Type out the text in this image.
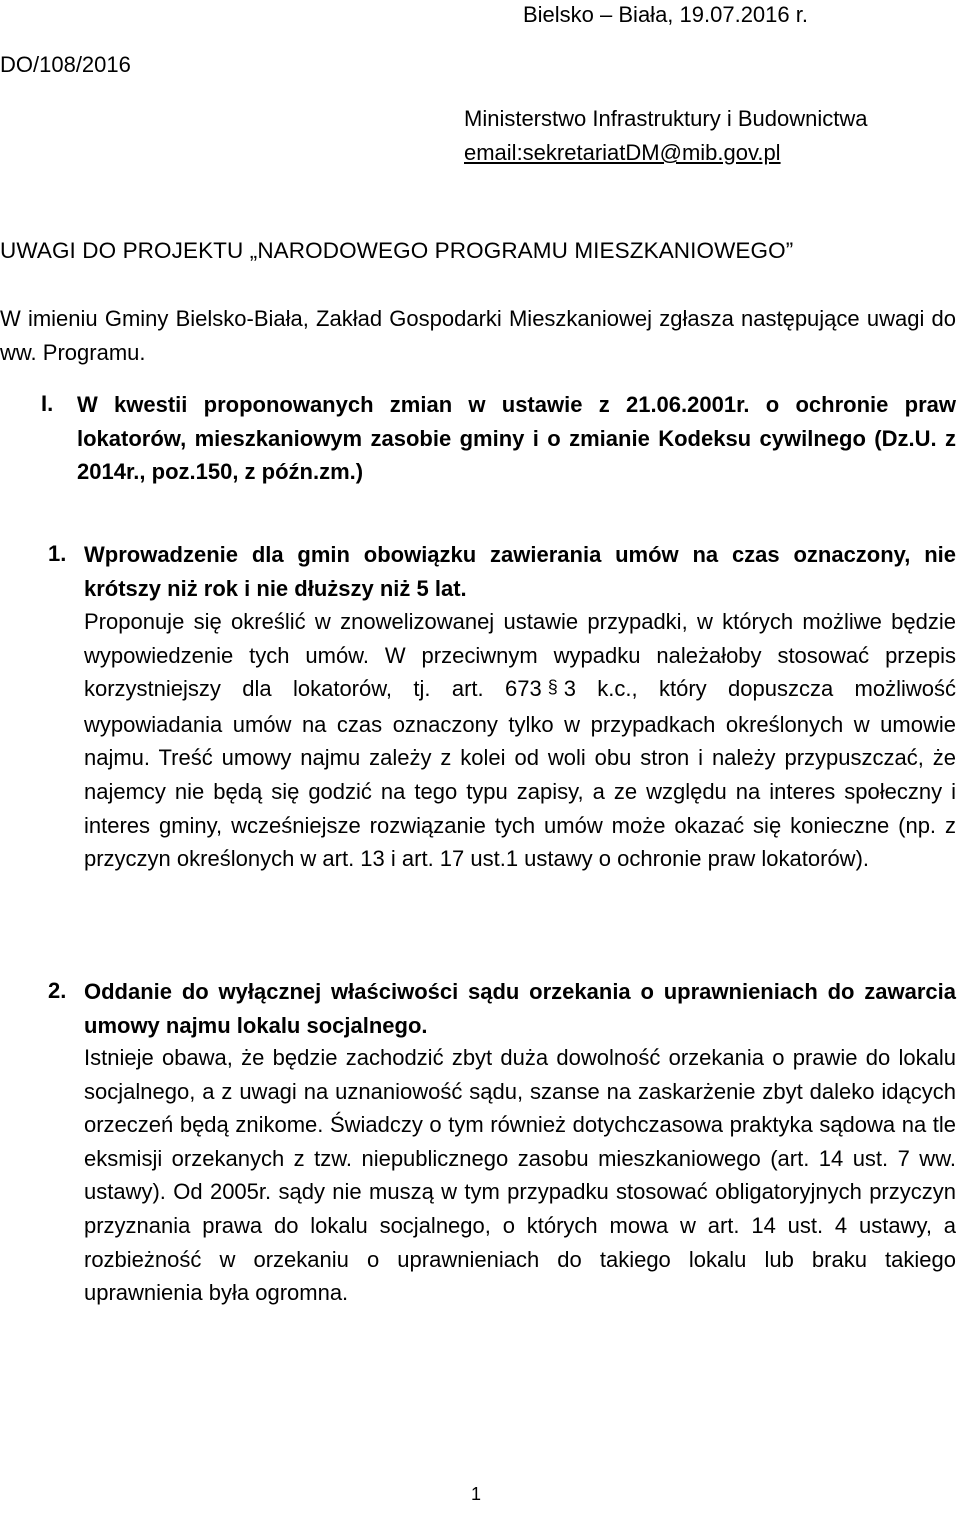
Bielsko – Biała, 19.07.2016 r.
DO/108/2016
Ministerstwo Infrastruktury i Budownictwa
email:sekretariatDM@mib.gov.pl
UWAGI DO PROJEKTU „NARODOWEGO PROGRAMU MIESZKANIOWEGO”
W imieniu Gminy Bielsko-Biała, Zakład Gospodarki Mieszkaniowej zgłasza następujące uwagi do ww. Programu.
I. W kwestii proponowanych zmian w ustawie z 21.06.2001r. o ochronie praw lokatorów, mieszkaniowym zasobie gminy i o zmianie Kodeksu cywilnego (Dz.U. z 2014r., poz.150, z późn.zm.)
1. Wprowadzenie dla gmin obowiązku zawierania umów na czas oznaczony, nie krótszy niż rok i nie dłuższy niż 5 lat.
Proponuje się określić w znowelizowanej ustawie przypadki, w których możliwe będzie wypowiedzenie tych umów. W przeciwnym wypadku należałoby stosować przepis korzystniejszy dla lokatorów, tj. art. 673 § 3 k.c., który dopuszcza możliwość wypowiadania umów na czas oznaczony tylko w przypadkach określonych w umowie najmu. Treść umowy najmu zależy z kolei od woli obu stron i należy przypuszczać, że najemcy nie będą się godzić na tego typu zapisy, a ze względu na interes społeczny i interes gminy, wcześniejsze rozwiązanie tych umów może okazać się konieczne (np. z przyczyn określonych w art. 13 i art. 17 ust.1 ustawy o ochronie praw lokatorów).
2. Oddanie do wyłącznej właściwości sądu orzekania o uprawnieniach do zawarcia umowy najmu lokalu socjalnego.
Istnieje obawa, że będzie zachodzić zbyt duża dowolność orzekania o prawie do lokalu socjalnego, a z uwagi na uznaniowość sądu, szanse na zaskarżenie zbyt daleko idących orzeczeń będą znikome. Świadczy o tym również dotychczasowa praktyka sądowa na tle eksmisji orzekanych z tzw. niepublicznego zasobu mieszkaniowego (art. 14 ust. 7 ww. ustawy). Od 2005r. sądy nie muszą w tym przypadku stosować obligatoryjnych przyczyn przyznania prawa do lokalu socjalnego, o których mowa w art. 14 ust. 4 ustawy, a rozbieżność w orzekaniu o uprawnieniach do takiego lokalu lub braku takiego uprawnienia była ogromna.
1
